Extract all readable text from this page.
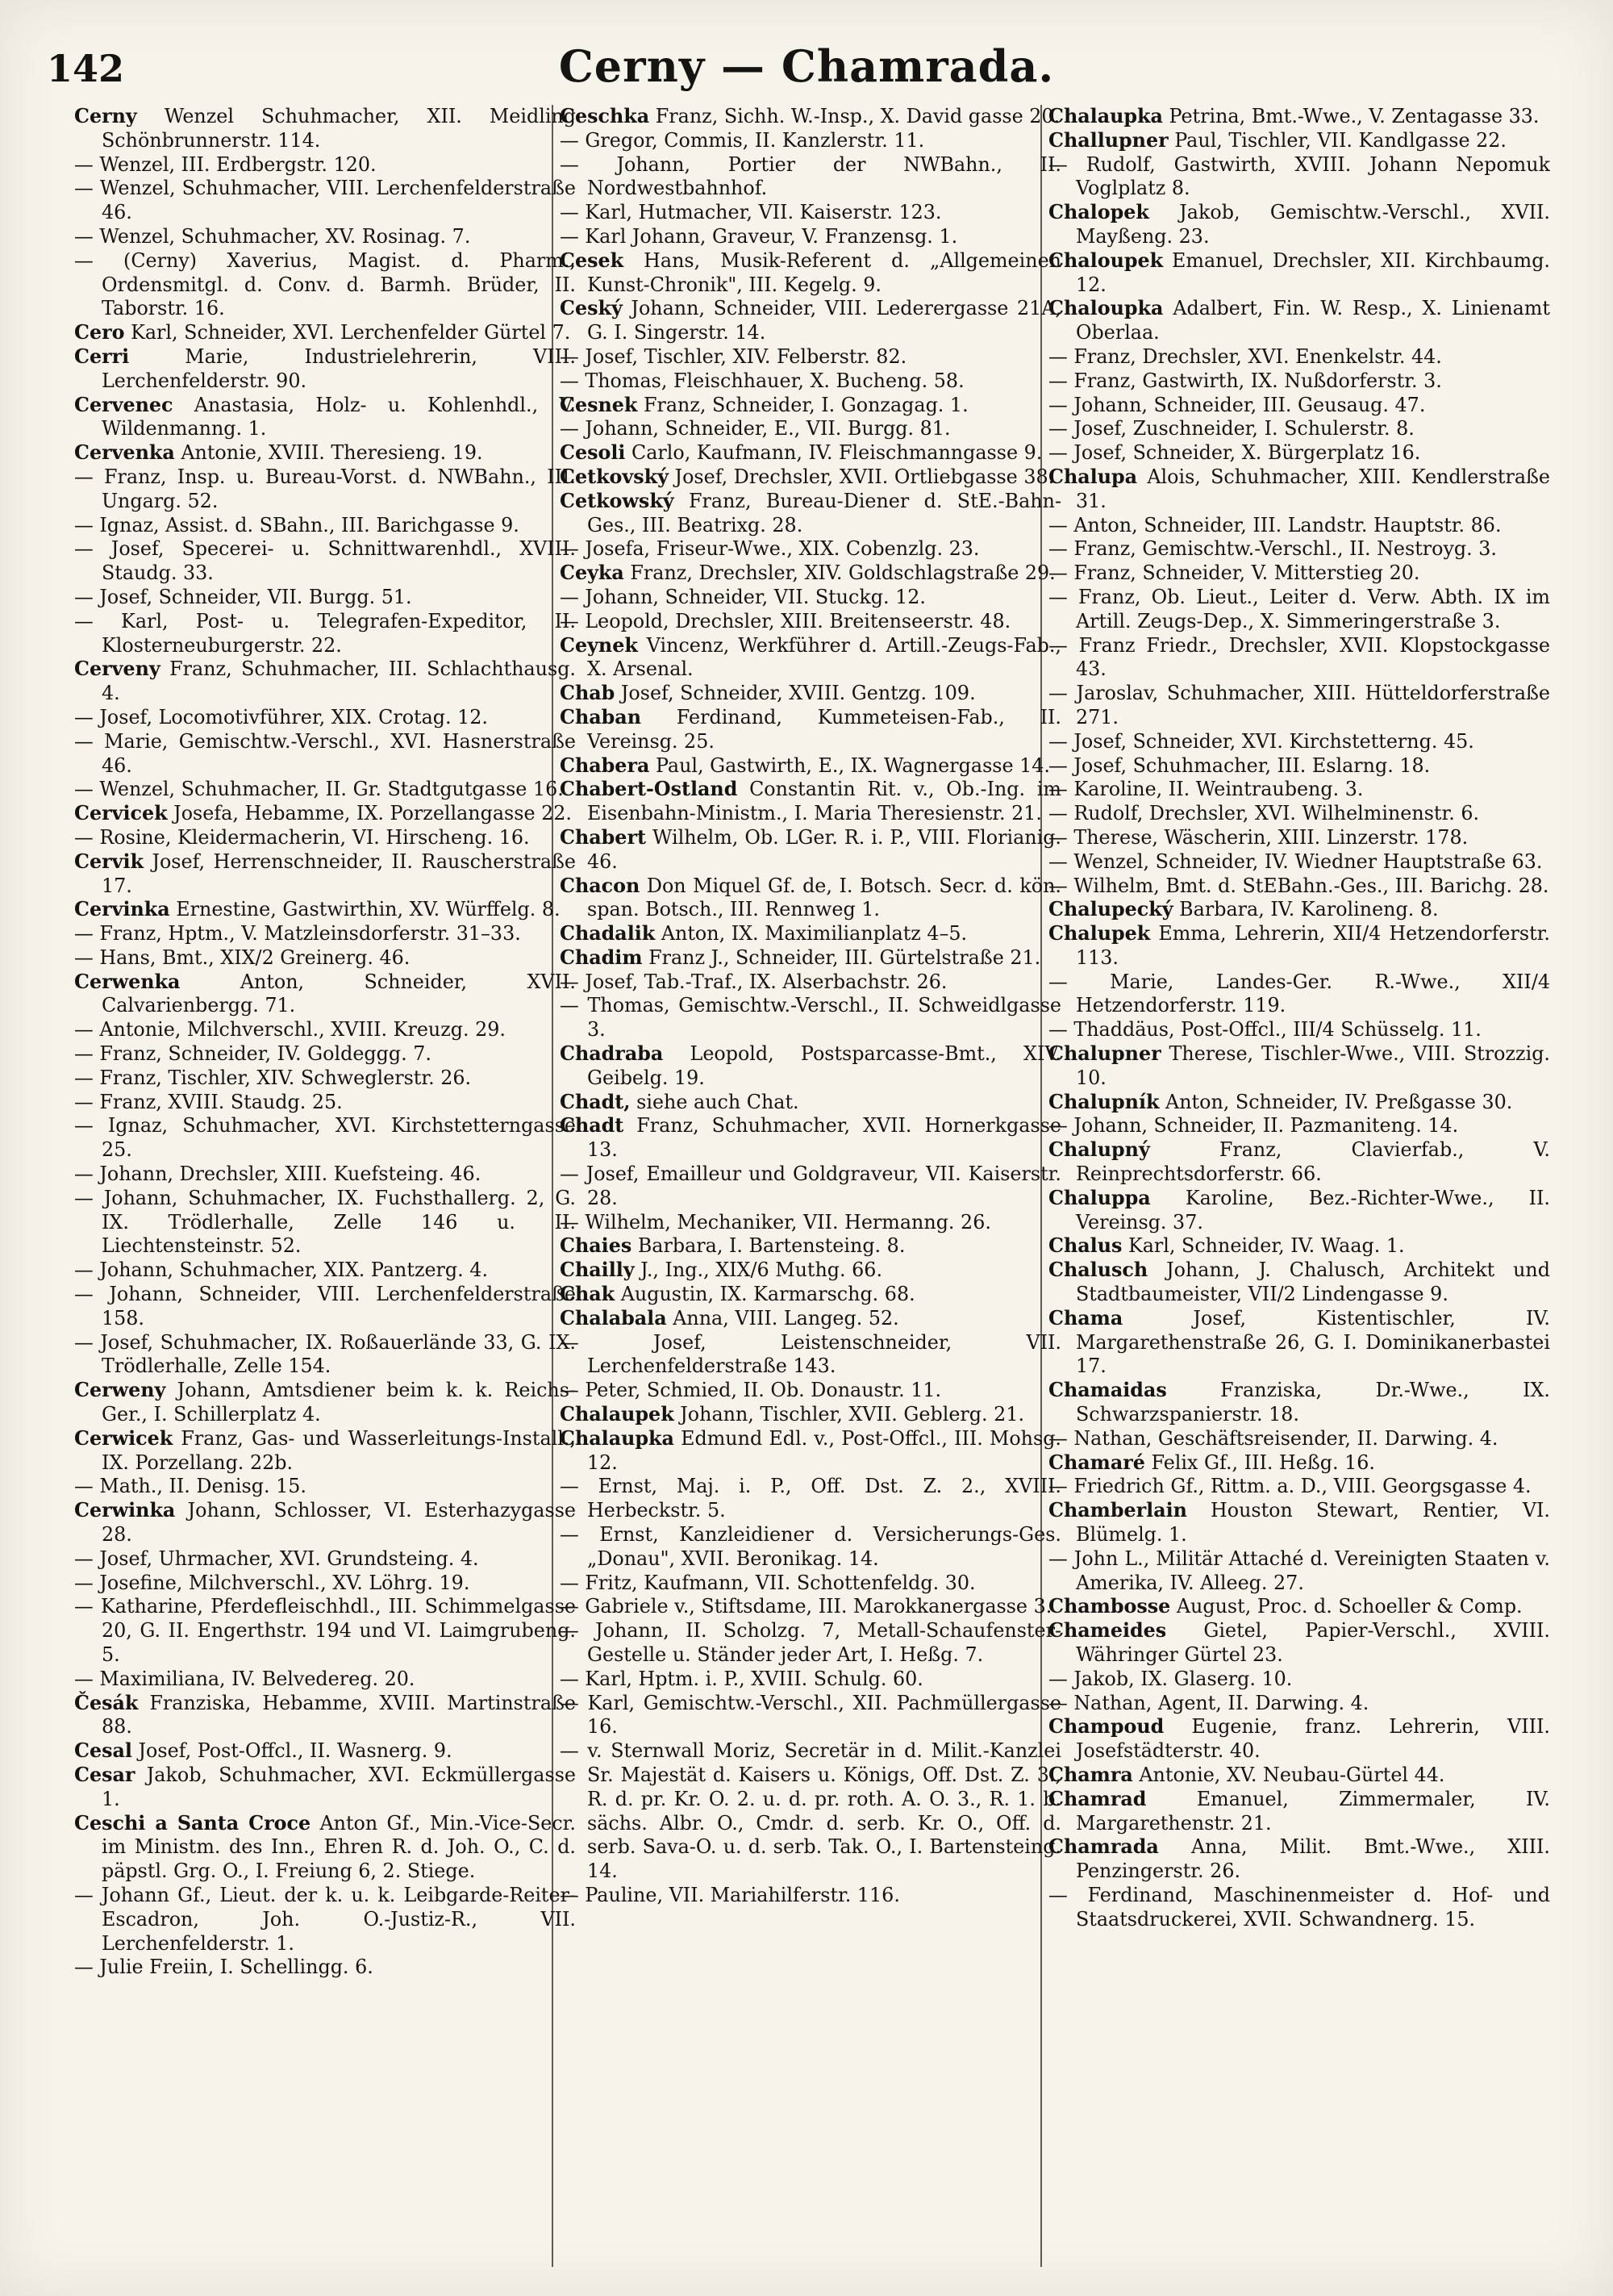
142	Cerny — Chamrada.

Cerny Wenzel Schuhmacher, XII. Meidling Schönbrunnerstr. 114.

— Wenzel, III. Erdbergstr. 120.

— Wenzel, Schuhmacher, VIII. Lerchenfelderstraße 46.

— Wenzel, Schuhmacher, XV. Rosinag. 7.

— (Cerny) Xaverius, Magist. d. Pharm., Ordensmitgl. d. Conv. d. Barmh. Brüder, II. Taborstr. 16.

Cero Karl, Schneider, XVI. Lerchenfelder Gürtel 7.

Cerri Marie, Industrielehrerin, VIII. Lerchenfelderstr. 90.

Cervenec Anastasia, Holz- u. Kohlenhdl., V. Wildenmanng. 1.

Cervenka Antonie, XVIII. Theresieng. 19.

— Franz, Insp. u. Bureau-Vorst. d. NWBahn., III. Ungarg. 52.

— Ignaz, Assist. d. SBahn., III. Barichgasse 9.

— Josef, Specerei- u. Schnittwarenhdl., XVIII. Staudg. 33.

— Josef, Schneider, VII. Burgg. 51.

— Karl, Post- u. Telegrafen-Expeditor, II. Klosterneuburgerstr. 22.

Cerveny Franz, Schuhmacher, III. Schlachthausg. 4.

— Josef, Locomotivführer, XIX. Crotag. 12.

— Marie, Gemischtw.-Verschl., XVI. Hasnerstraße 46.

— Wenzel, Schuhmacher, II. Gr. Stadtgutgasse 16.

Cervicek Josefa, Hebamme, IX. Porzellangasse 22.

— Rosine, Kleidermacherin, VI. Hirscheng. 16.

Cervik Josef, Herrenschneider, II. Rauscherstraße 17.

Cervinka Ernestine, Gastwirthin, XV. Würffelg. 8.

— Franz, Hptm., V. Matzleinsdorferstr. 31–33.

— Hans, Bmt., XIX/2 Greinerg. 46.

Cerwenka Anton, Schneider, XVII. Calvarienbergg. 71.

— Antonie, Milchverschl., XVIII. Kreuzg. 29.

— Franz, Schneider, IV. Goldeggg. 7.

— Franz, Tischler, XIV. Schweglerstr. 26.

— Franz, XVIII. Staudg. 25.

— Ignaz, Schuhmacher, XVI. Kirchstetterngasse 25.

— Johann, Drechsler, XIII. Kuefsteing. 46.

— Johann, Schuhmacher, IX. Fuchsthallerg. 2, G. IX. Trödlerhalle, Zelle 146 u. II. Liechtensteinstr. 52.

— Johann, Schuhmacher, XIX. Pantzerg. 4.

— Johann, Schneider, VIII. Lerchenfelderstraße 158.

— Josef, Schuhmacher, IX. Roßauerlände 33, G. IX. Trödlerhalle, Zelle 154.

Cerweny Johann, Amtsdiener beim k. k. Reichs-Ger., I. Schillerplatz 4.

Cerwicek Franz, Gas- und Wasserleitungs-Install., IX. Porzellang. 22b.

— Math., II. Denisg. 15.

Cerwinka Johann, Schlosser, VI. Esterhazygasse 28.

— Josef, Uhrmacher, XVI. Grundsteing. 4.

— Josefine, Milchverschl., XV. Löhrg. 19.

— Katharine, Pferdefleischhdl., III. Schimmelgasse 20, G. II. Engerthstr. 194 und VI. Laimgrubeng. 5.

— Maximiliana, IV. Belvedereg. 20.

Česák Franziska, Hebamme, XVIII. Martinstraße 88.

Cesal Josef, Post-Offcl., II. Wasnerg. 9.

Cesar Jakob, Schuhmacher, XVI. Eckmüllergasse 1.

Ceschi a Santa Croce Anton Gf., Min.-Vice-Secr. im Ministm. des Inn., Ehren R. d. Joh. O., C. d. päpstl. Grg. O., I. Freiung 6, 2. Stiege.

— Johann Gf., Lieut. der k. u. k. Leibgarde-Reiter-Escadron, Joh. O.-Justiz-R., VII. Lerchenfelderstr. 1.

— Julie Freiin, I. Schellingg. 6.

Ceschka Franz, Sichh. W.-Insp., X. David gasse 20.

— Gregor, Commis, II. Kanzlerstr. 11.

— Johann, Portier der NWBahn., II. Nordwestbahnhof.

— Karl, Hutmacher, VII. Kaiserstr. 123.

— Karl Johann, Graveur, V. Franzensg. 1.

Cesek Hans, Musik-Referent d. „Allgemeinen Kunst-Chronik", III. Kegelg. 9.

Ceský Johann, Schneider, VIII. Lederergasse 21A, G. I. Singerstr. 14.

— Josef, Tischler, XIV. Felberstr. 82.

— Thomas, Fleischhauer, X. Bucheng. 58.

Cesnek Franz, Schneider, I. Gonzagag. 1.

— Johann, Schneider, E., VII. Burgg. 81.

Cesoli Carlo, Kaufmann, IV. Fleischmanngasse 9.

Cetkovský Josef, Drechsler, XVII. Ortliebgasse 38.

Cetkowský Franz, Bureau-Diener d. StE.-Bahn-Ges., III. Beatrixg. 28.

— Josefa, Friseur-Wwe., XIX. Cobenzlg. 23.

Ceyka Franz, Drechsler, XIV. Goldschlagstraße 29.

— Johann, Schneider, VII. Stuckg. 12.

— Leopold, Drechsler, XIII. Breitenseerstr. 48.

Ceynek Vincenz, Werkführer d. Artill.-Zeugs-Fab., X. Arsenal.

Chab Josef, Schneider, XVIII. Gentzg. 109.

Chaban Ferdinand, Kummeteisen-Fab., II. Vereinsg. 25.

Chabera Paul, Gastwirth, E., IX. Wagnergasse 14.

Chabert-Ostland Constantin Rit. v., Ob.-Ing. im Eisenbahn-Ministm., I. Maria Theresienstr. 21.

Chabert Wilhelm, Ob. LGer. R. i. P., VIII. Florianig. 46.

Chacon Don Miquel Gf. de, I. Botsch. Secr. d. kön. span. Botsch., III. Rennweg 1.

Chadalik Anton, IX. Maximilianplatz 4–5.

Chadim Franz J., Schneider, III. Gürtelstraße 21.

— Josef, Tab.-Traf., IX. Alserbachstr. 26.

— Thomas, Gemischtw.-Verschl., II. Schweidlgasse 3.

Chadraba Leopold, Postsparcasse-Bmt., XIV. Geibelg. 19.

Chadt, siehe auch Chat.

Chadt Franz, Schuhmacher, XVII. Hornerkgasse 13.

— Josef, Emailleur und Goldgraveur, VII. Kaiserstr. 28.

— Wilhelm, Mechaniker, VII. Hermanng. 26.

Chaies Barbara, I. Bartensteing. 8.

Chailly J., Ing., XIX/6 Muthg. 66.

Chak Augustin, IX. Karmarschg. 68.

Chalabala Anna, VIII. Langeg. 52.

— Josef, Leistenschneider, VII. Lerchenfelderstraße 143.

— Peter, Schmied, II. Ob. Donaustr. 11.

Chalaupek Johann, Tischler, XVII. Geblerg. 21.

Chalaupka Edmund Edl. v., Post-Offcl., III. Mohsg. 12.

— Ernst, Maj. i. P., Off. Dst. Z. 2., XVIII. Herbeckstr. 5.

— Ernst, Kanzleidiener d. Versicherungs-Ges. „Donau", XVII. Beronikag. 14.

— Fritz, Kaufmann, VII. Schottenfeldg. 30.

— Gabriele v., Stiftsdame, III. Marokkanergasse 3.

— Johann, II. Scholzg. 7, Metall-Schaufenster-Gestelle u. Ständer jeder Art, I. Heßg. 7.

— Karl, Hptm. i. P., XVIII. Schulg. 60.

— Karl, Gemischtw.-Verschl., XII. Pachmüllergasse 16.

— v. Sternwall Moriz, Secretär in d. Milit.-Kanzlei Sr. Majestät d. Kaisers u. Königs, Off. Dst. Z. 3., R. d. pr. Kr. O. 2. u. d. pr. roth. A. O. 3., R. 1. b. sächs. Albr. O., Cmdr. d. serb. Kr. O., Off. d. serb. Sava-O. u. d. serb. Tak. O., I. Bartensteing. 14.

— Pauline, VII. Mariahilferstr. 116.

Chalaupka Petrina, Bmt.-Wwe., V. Zentagasse 33.

Challupner Paul, Tischler, VII. Kandlgasse 22.

— Rudolf, Gastwirth, XVIII. Johann Nepomuk Voglplatz 8.

Chalopek Jakob, Gemischtw.-Verschl., XVII. Mayßeng. 23.

Chaloupek Emanuel, Drechsler, XII. Kirchbaumg. 12.

Chaloupka Adalbert, Fin. W. Resp., X. Linienamt Oberlaa.

— Franz, Drechsler, XVI. Enenkelstr. 44.

— Franz, Gastwirth, IX. Nußdorferstr. 3.

— Johann, Schneider, III. Geusaug. 47.

— Josef, Zuschneider, I. Schulerstr. 8.

— Josef, Schneider, X. Bürgerplatz 16.

Chalupa Alois, Schuhmacher, XIII. Kendlerstraße 31.

— Anton, Schneider, III. Landstr. Hauptstr. 86.

— Franz, Gemischtw.-Verschl., II. Nestroyg. 3.

— Franz, Schneider, V. Mitterstieg 20.

— Franz, Ob. Lieut., Leiter d. Verw. Abth. IX im Artill. Zeugs-Dep., X. Simmeringerstraße 3.

— Franz Friedr., Drechsler, XVII. Klopstockgasse 43.

— Jaroslav, Schuhmacher, XIII. Hütteldorferstraße 271.

— Josef, Schneider, XVI. Kirchstetterng. 45.

— Josef, Schuhmacher, III. Eslarng. 18.

— Karoline, II. Weintraubeng. 3.

— Rudolf, Drechsler, XVI. Wilhelminenstr. 6.

— Therese, Wäscherin, XIII. Linzerstr. 178.

— Wenzel, Schneider, IV. Wiedner Hauptstraße 63.

— Wilhelm, Bmt. d. StEBahn.-Ges., III. Barichg. 28.

Chalupecký Barbara, IV. Karolineng. 8.

Chalupek Emma, Lehrerin, XII/4 Hetzendorferstr. 113.

— Marie, Landes-Ger. R.-Wwe., XII/4 Hetzendorferstr. 119.

— Thaddäus, Post-Offcl., III/4 Schüsselg. 11.

Chalupner Therese, Tischler-Wwe., VIII. Strozzig. 10.

Chalupník Anton, Schneider, IV. Preßgasse 30.

— Johann, Schneider, II. Pazmaniteng. 14.

Chalupný Franz, Clavierfab., V. Reinprechtsdorferstr. 66.

Chaluppa Karoline, Bez.-Richter-Wwe., II. Vereinsg. 37.

Chalus Karl, Schneider, IV. Waag. 1.

Chalusch Johann, J. Chalusch, Architekt und Stadtbaumeister, VII/2 Lindengasse 9.

Chama Josef, Kistentischler, IV. Margarethenstraße 26, G. I. Dominikanerbastei 17.

Chamaidas Franziska, Dr.-Wwe., IX. Schwarzspanierstr. 18.

— Nathan, Geschäftsreisender, II. Darwing. 4.

Chamaré Felix Gf., III. Heßg. 16.

— Friedrich Gf., Rittm. a. D., VIII. Georgsgasse 4.

Chamberlain Houston Stewart, Rentier, VI. Blümelg. 1.

— John L., Militär Attaché d. Vereinigten Staaten v. Amerika, IV. Alleeg. 27.

Chambosse August, Proc. d. Schoeller & Comp.

Chameides Gietel, Papier-Verschl., XVIII. Währinger Gürtel 23.

— Jakob, IX. Glaserg. 10.

— Nathan, Agent, II. Darwing. 4.

Champoud Eugenie, franz. Lehrerin, VIII. Josefstädterstr. 40.

Chamra Antonie, XV. Neubau-Gürtel 44.

Chamrad Emanuel, Zimmermaler, IV. Margarethenstr. 21.

Chamrada Anna, Milit. Bmt.-Wwe., XIII. Penzingerstr. 26.

— Ferdinand, Maschinenmeister d. Hof- und Staatsdruckerei, XVII. Schwandnerg. 15.
